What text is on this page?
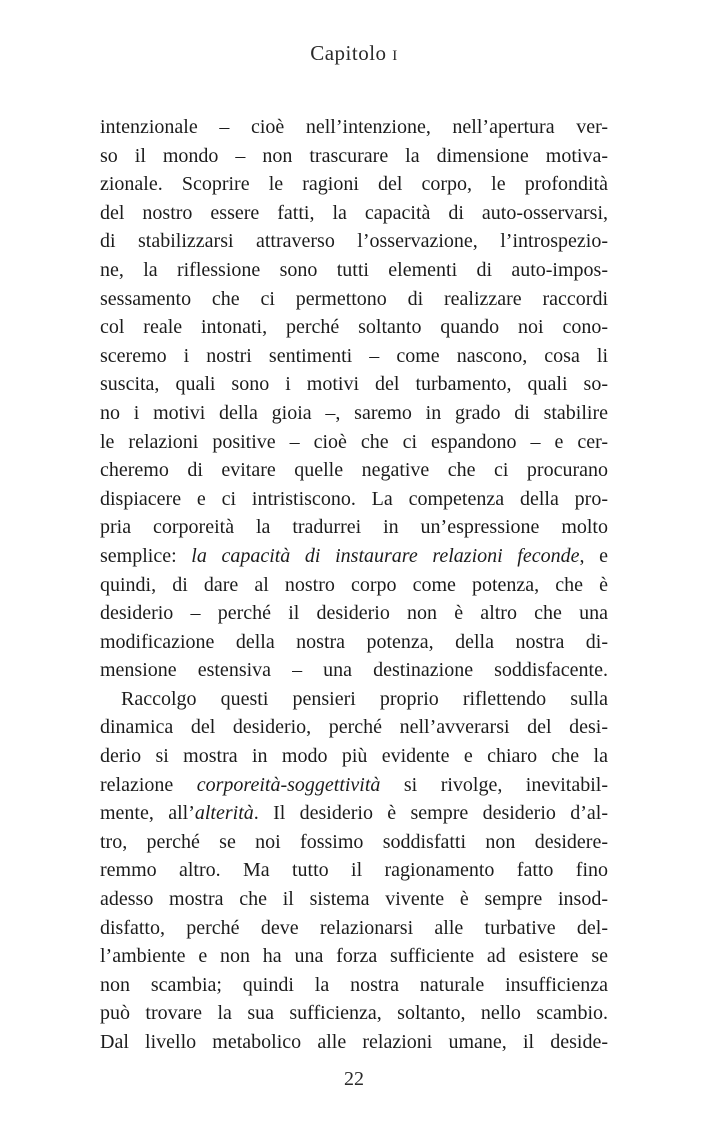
Capitolo i
intenzionale – cioè nell’intenzione, nell’apertura ver-
so il mondo – non trascurare la dimensione motiva-
zionale. Scoprire le ragioni del corpo, le profondità
del nostro essere fatti, la capacità di auto-osservarsi,
di stabilizzarsi attraverso l’osservazione, l’introspezio-
ne, la riflessione sono tutti elementi di auto-impos-
sessamento che ci permettono di realizzare raccordi
col reale intonati, perché soltanto quando noi cono-
sceremo i nostri sentimenti – come nascono, cosa li
suscita, quali sono i motivi del turbamento, quali so-
no i motivi della gioia –, saremo in grado di stabilire
le relazioni positive – cioè che ci espandono – e cer-
cheremo di evitare quelle negative che ci procurano
dispiacere e ci intristiscono. La competenza della pro-
pria corporeità la tradurrei in un’espressione molto
semplice: la capacità di instaurare relazioni feconde, e
quindi, di dare al nostro corpo come potenza, che è
desiderio – perché il desiderio non è altro che una
modificazione della nostra potenza, della nostra di-
mensione estensiva – una destinazione soddisfacente.
Raccolgo questi pensieri proprio riflettendo sulla
dinamica del desiderio, perché nell’avverarsi del desi-
derio si mostra in modo più evidente e chiaro che la
relazione corporeità-soggettività si rivolge, inevitabil-
mente, all’alterità. Il desiderio è sempre desiderio d’al-
tro, perché se noi fossimo soddisfatti non desidere-
remmo altro. Ma tutto il ragionamento fatto fino
adesso mostra che il sistema vivente è sempre insod-
disfatto, perché deve relazionarsi alle turbative del-
l’ambiente e non ha una forza sufficiente ad esistere se
non scambia; quindi la nostra naturale insufficienza
può trovare la sua sufficienza, soltanto, nello scambio.
Dal livello metabolico alle relazioni umane, il deside-
22
